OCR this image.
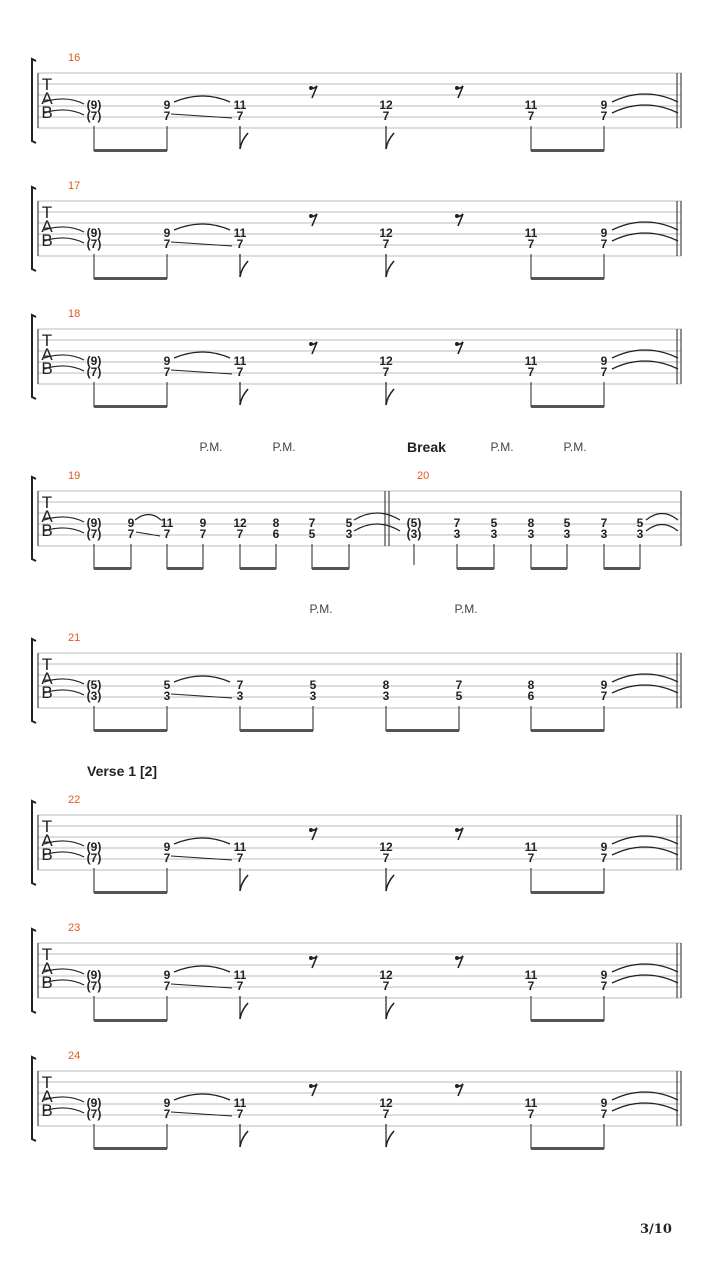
T
A
B
16
(9)
(7)
9
7
11
7
12
7
11
7
9
7
T
A
B
17
(9)
(7)
9
7
11
7
12
7
11
7
9
7
T
A
B
18
(9)
(7)
9
7
11
7
12
7
11
7
9
7
T
A
B
19
P.M.	P.M.
(9)
(7)
9
7
11
7
9
7
12
7
8
6
7
5
5
3
20
P.M.	P.M.
(5)
(3)
7
3
5
3
8
3
5
3
7
3
5
3
T
A
B
21
P.M.	P.M.
(5)
(3)
5
3
7
3
5
3
8
3
7
5
8
6
9
7
T
A
B
22
(9)
(7)
9
7
11
7
12
7
11
7
9
7
T
A
B
23
(9)
(7)
9
7
11
7
12
7
11
7
9
7
T
A
B
24
(9)
(7)
9
7
11
7
12
7
11
7
9
7
Break
Verse 1 [2]
3/10
